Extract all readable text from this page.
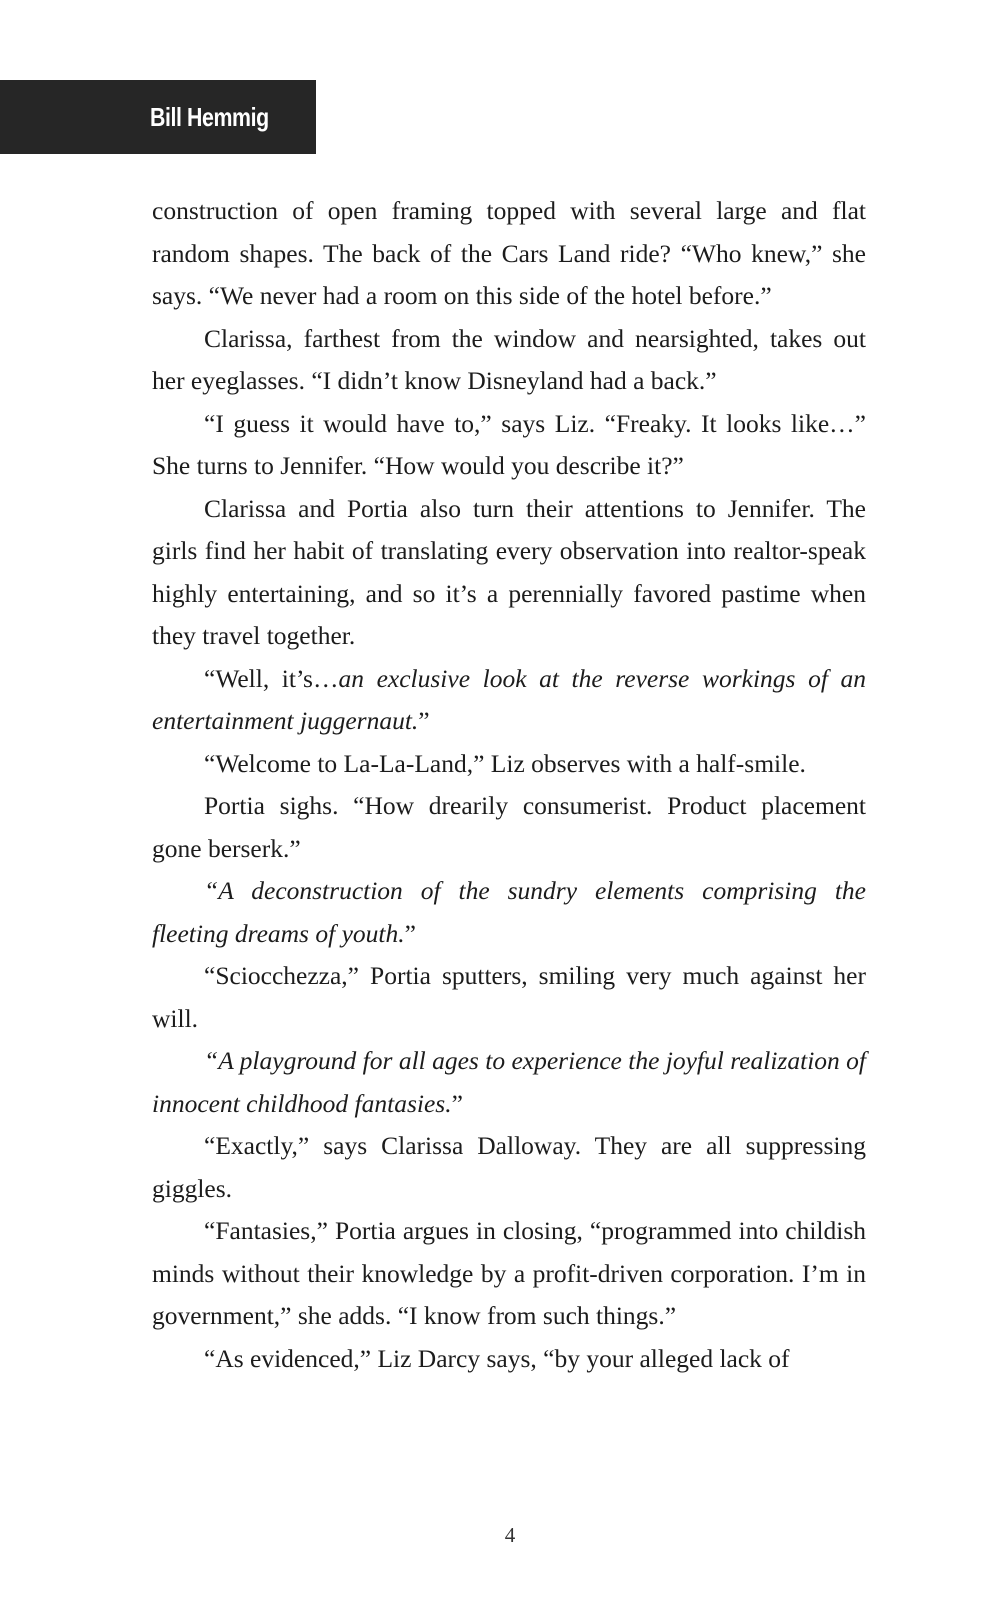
Bill Hemmig

construction of open framing topped with several large and flat random shapes. The back of the Cars Land ride? “Who knew,” she says. “We never had a room on this side of the hotel before.”

Clarissa, farthest from the window and nearsighted, takes out her eyeglasses. “I didn’t know Disneyland had a back.”

“I guess it would have to,” says Liz. “Freaky. It looks like…” She turns to Jennifer. “How would you describe it?”

Clarissa and Portia also turn their attentions to Jennifer. The girls find her habit of translating every observation into realtor-speak highly entertaining, and so it’s a perennially favored pastime when they travel together.

“Well, it’s…an exclusive look at the reverse workings of an entertainment juggernaut.”

“Welcome to La-La-Land,” Liz observes with a half-smile.

Portia sighs. “How drearily consumerist. Product placement gone berserk.”

“A deconstruction of the sundry elements comprising the fleeting dreams of youth.”

“Sciocchezza,” Portia sputters, smiling very much against her will.

“A playground for all ages to experience the joyful realization of innocent childhood fantasies.”

“Exactly,” says Clarissa Dalloway. They are all suppressing giggles.

“Fantasies,” Portia argues in closing, “programmed into childish minds without their knowledge by a profit-driven corporation. I’m in government,” she adds. “I know from such things.”

“As evidenced,” Liz Darcy says, “by your alleged lack of

4
